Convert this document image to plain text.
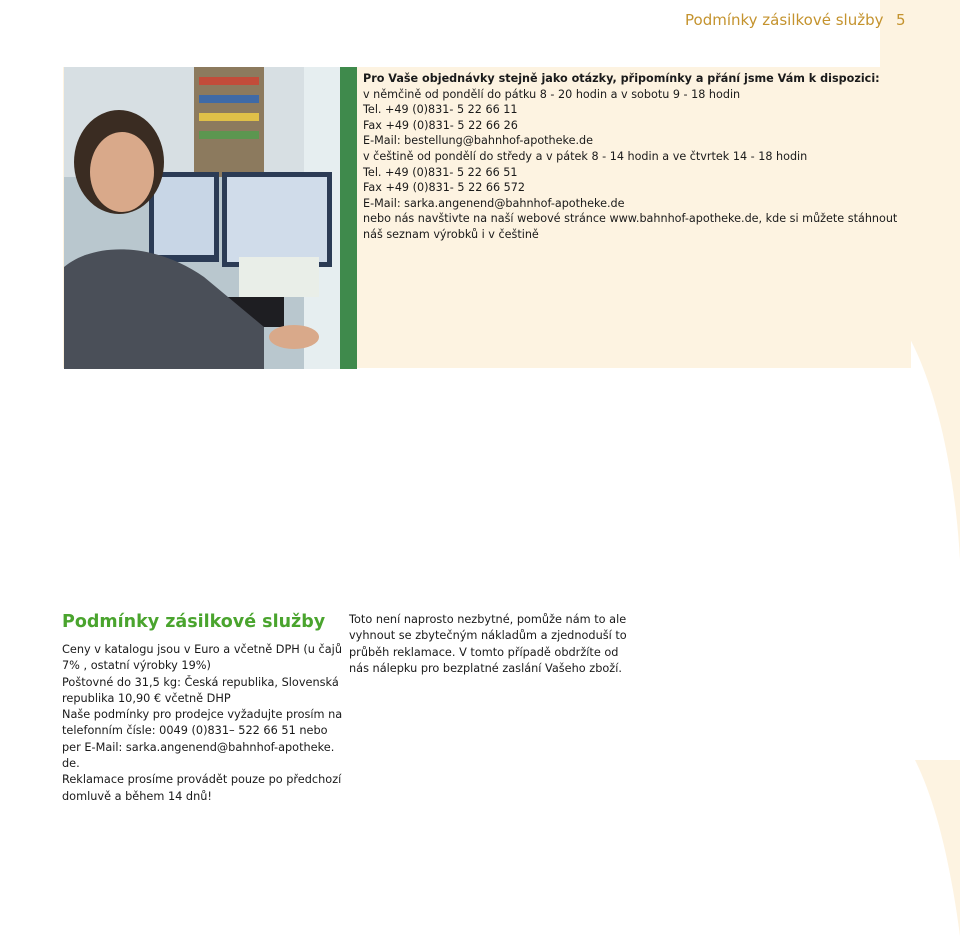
Podmínky zásilkové služby 5

Pro Vaše objednávky stejně jako otázky, připomínky a přání jsme Vám k dispozici:

v němčině od pondělí do pátku 8 - 20 hodin a v sobotu 9 - 18 hodin
Tel. +49 (0)831- 5 22 66 11
Fax +49 (0)831- 5 22 66 26
E-Mail: bestellung@bahnhof-apotheke.de
v češtině od pondělí do středy a v pátek 8 - 14 hodin a ve čtvrtek 14 - 18 hodin
Tel. +49 (0)831- 5 22 66 51
Fax +49 (0)831- 5 22 66 572
E-Mail: sarka.angenend@bahnhof-apotheke.de

nebo nás navštivte na naší webové stránce www.bahnhof-apotheke.de, kde si můžete stáhnout náš seznam výrobků i v češtině

Podmínky zásilkové služby

Ceny v katalogu jsou v Euro a včetně DPH (u čajů 7% , ostatní výrobky 19%)

Poštovné do 31,5 kg: Česká republika, Slovenská republika 10,90 € včetně DHP

Naše podmínky pro prodejce vyžadujte prosím na telefonním čísle: 0049 (0)831– 522 66 51 nebo per E-Mail: sarka.angenend@bahnhof-apotheke. de.

Reklamace prosíme provádět pouze po předchozí domluvě a během 14 dnů!

Toto není naprosto nezbytné, pomůže nám to ale vyhnout se zbytečným nákladům a zjednoduší to průběh reklamace. V tomto případě obdržíte od nás nálepku pro bezplatné zaslání Vašeho zboží.
